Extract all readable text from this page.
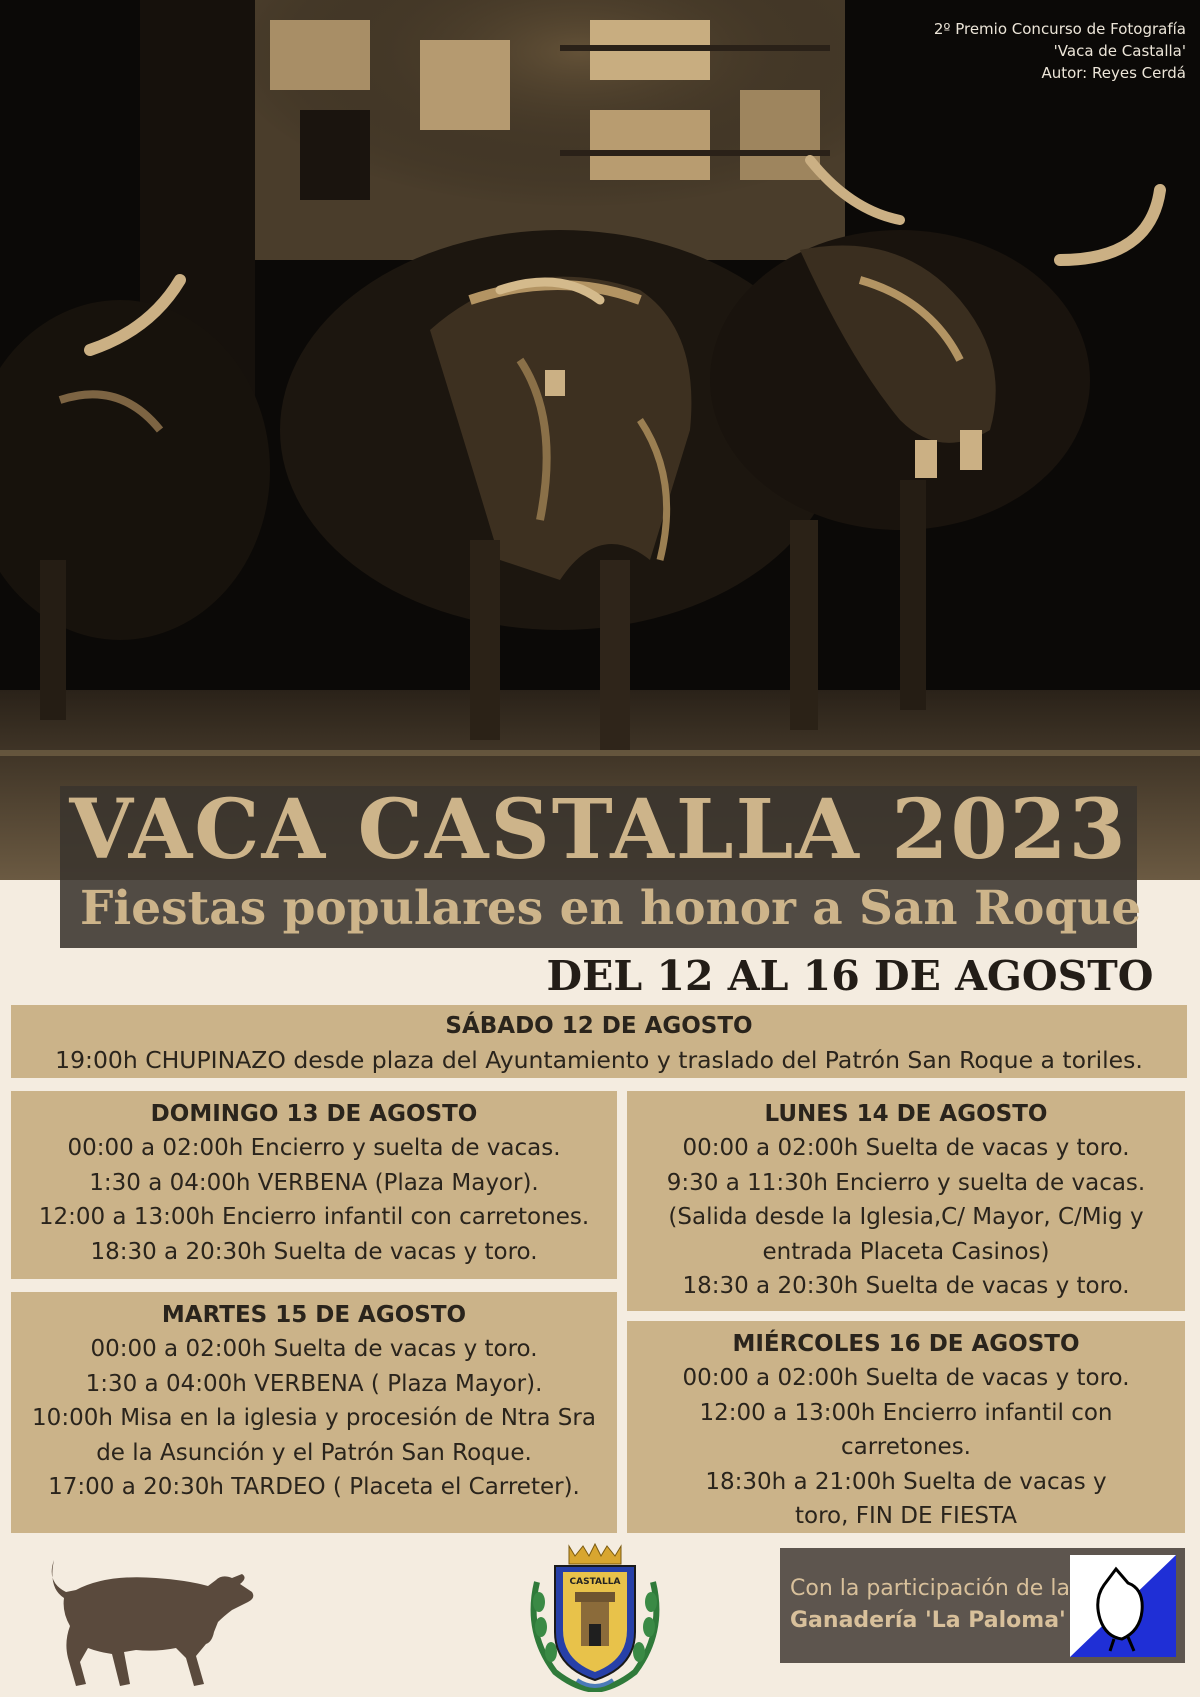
2º Premio Concurso de Fotografía
'Vaca de Castalla'
Autor: Reyes Cerdá
VACA CASTALLA 2023
Fiestas populares en honor a San Roque
DEL 12 AL 16 DE AGOSTO
SÁBADO 12 DE AGOSTO
19:00h CHUPINAZO desde plaza del Ayuntamiento y traslado del Patrón San Roque a toriles.
DOMINGO 13 DE AGOSTO
00:00 a 02:00h Encierro y suelta de vacas.
1:30 a 04:00h VERBENA (Plaza Mayor).
12:00 a 13:00h Encierro infantil con carretones.
18:30 a 20:30h Suelta de vacas y toro.
LUNES 14 DE AGOSTO
00:00 a 02:00h Suelta de vacas y toro.
9:30 a 11:30h Encierro y suelta de vacas.
(Salida desde la Iglesia,C/ Mayor, C/Mig y
entrada Placeta Casinos)
18:30 a 20:30h Suelta de vacas y toro.
MARTES 15 DE AGOSTO
00:00 a 02:00h Suelta de vacas y toro.
1:30 a 04:00h VERBENA ( Plaza Mayor).
10:00h Misa en la iglesia y procesión de Ntra Sra
de la Asunción y el Patrón San Roque.
17:00 a 20:30h TARDEO ( Placeta el Carreter).
MIÉRCOLES 16 DE AGOSTO
00:00 a 02:00h Suelta de vacas y toro.
12:00 a 13:00h Encierro infantil con
carretones.
18:30h a 21:00h Suelta de vacas y
toro, FIN DE FIESTA
CASTALLA	Con la participación de la
Ganadería 'La Paloma'
